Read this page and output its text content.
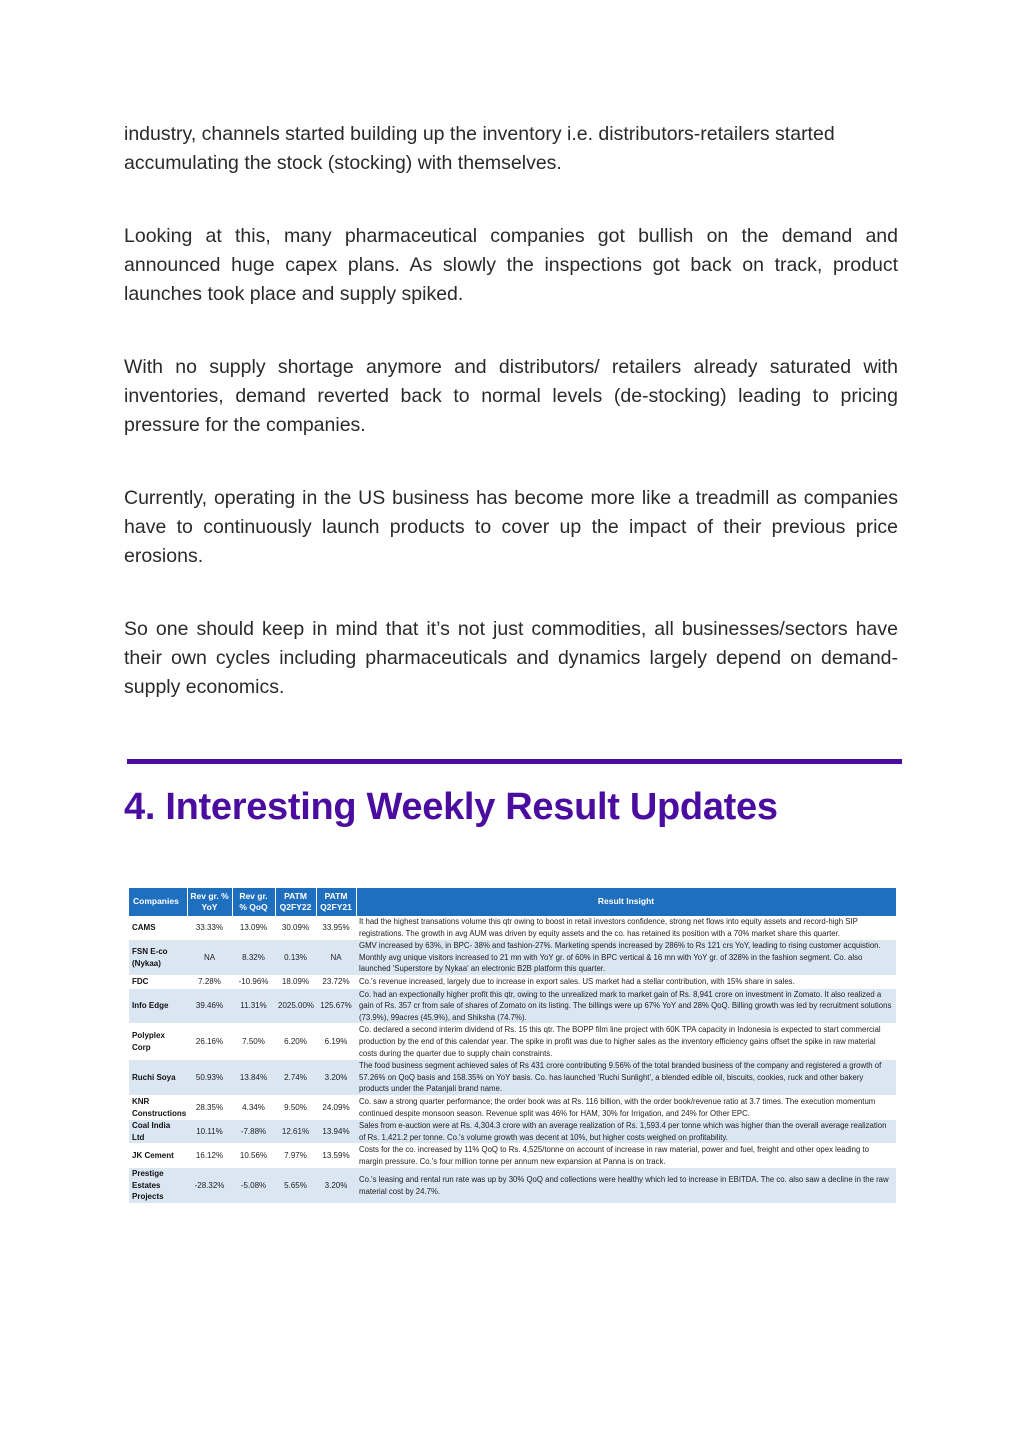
industry, channels started building up the inventory i.e. distributors-retailers started accumulating the stock (stocking) with themselves.

Looking at this, many pharmaceutical companies got bullish on the demand and announced huge capex plans. As slowly the inspections got back on track, product launches took place and supply spiked.

With no supply shortage anymore and distributors/ retailers already saturated with inventories, demand reverted back to normal levels (de-stocking) leading to pricing pressure for the companies.

Currently, operating in the US business has become more like a treadmill as companies have to continuously launch products to cover up the impact of their previous price erosions.

So one should keep in mind that it’s not just commodities, all businesses/sectors have their own cycles including pharmaceuticals and dynamics largely depend on demand-supply economics.

4. Interesting Weekly Result Updates
Companies	Rev gr. % YoY	Rev gr. % QoQ	PATM Q2FY22	PATM Q2FY21	Result Insight
CAMS	33.33%	13.09%	30.09%	33.95%	It had the highest transations volume this qtr owing to boost in retail investors confidence, strong net flows into equity assets and record-high SIP registrations. The growth in avg AUM was driven by equity assets and the co. has retained its position with a 70% market share this quarter.
FSN E-co (Nykaa)	NA	8.32%	0.13%	NA	GMV increased by 63%, in BPC- 38% and fashion-27%. Marketing spends increased by 286% to Rs 121 crs YoY, leading to rising customer acquistion. Monthly avg unique visitors increased to 21 mn with YoY gr. of 60% in BPC vertical & 16 mn with YoY gr. of 328% in the fashion segment. Co. also launched 'Superstore by Nykaa' an electronic B2B platform this quarter.
FDC	7.28%	-10.96%	18.09%	23.72%	Co.'s revenue increased, largely due to increase in export sales. US market had a stellar contribution, with 15% share in sales.
Info Edge	39.46%	11.31%	2025.00%	125.67%	Co. had an expectionally higher profit this qtr, owing to the unrealized mark to market gain of Rs. 8,941 crore on investment in Zomato. It also realized a gain of Rs. 357 cr from sale of shares of Zomato on its listing. The billings were up 67% YoY and 28% QoQ. Billing growth was led by recruitment solutions (73.9%), 99acres (45.9%), and Shiksha (74.7%).
Polyplex Corp	26.16%	7.50%	6.20%	6.19%	Co. declared a second interim dividend of Rs. 15 this qtr. The BOPP film line project with 60K TPA capacity in Indonesia is expected to start commercial production by the end of this calendar year. The spike in profit was due to higher sales as the inventory efficiency gains offset the spike in raw material costs during the quarter due to supply chain constraints.
Ruchi Soya	50.93%	13.84%	2.74%	3.20%	The food business segment achieved sales of Rs 431 crore contributing 9.56% of the total branded business of the company and registered a growth of 57.26% on QoQ basis and 158.35% on YoY basis. Co. has launched 'Ruchi Sunlight', a blended edible oil, biscuits, cookies, ruck and other bakery products under the Patanjali brand name.
KNR Constructions	28.35%	4.34%	9.50%	24.09%	Co. saw a strong quarter performance; the order book was at Rs. 116 billion, with the order book/revenue ratio at 3.7 times. The execution momentum continued despite monsoon season. Revenue split was 46% for HAM, 30% for Irrigation, and 24% for Other EPC.
Coal India Ltd	10.11%	-7.88%	12.61%	13.94%	Sales from e-auction were at Rs. 4,304.3 crore with an average realization of Rs. 1,593.4 per tonne which was higher than the overall average realization of Rs. 1,421.2 per tonne. Co.'s volume growth was decent at 10%, but higher costs weighed on profitability.
JK Cement	16.12%	10.56%	7.97%	13.59%	Costs for the co. increased by 11% QoQ to Rs. 4,525/tonne on account of increase in raw material, power and fuel, freight and other opex leading to margin pressure. Co.'s four million tonne per annum new expansion at Panna is on track.
Prestige Estates Projects	-28.32%	-5.08%	5.65%	3.20%	Co.'s leasing and rental run rate was up by 30% QoQ and collections were healthy which led to increase in EBITDA. The co. also saw a decline in the raw material cost by 24.7%.
